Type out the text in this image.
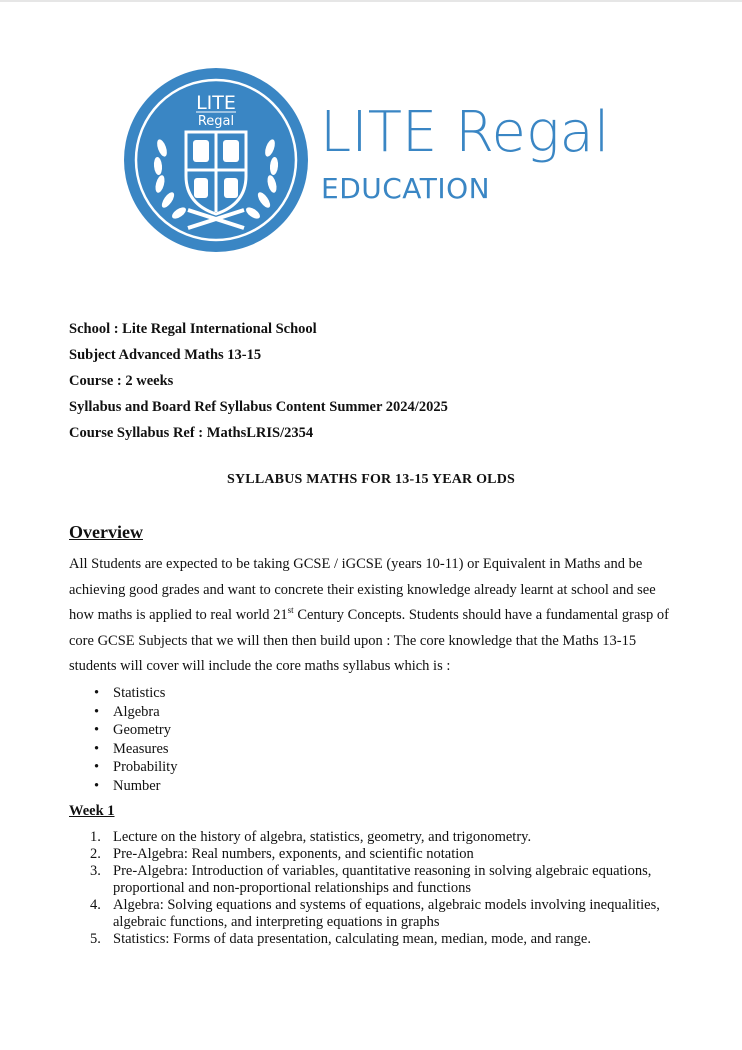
LITE
Regal LITE Regal
EDUCATION
School : Lite Regal International School
Subject Advanced Maths 13-15
Course : 2 weeks
Syllabus and Board Ref Syllabus Content Summer 2024/2025
Course Syllabus Ref : MathsLRIS/2354
SYLLABUS MATHS FOR 13-15 YEAR OLDS
Overview
All Students are expected to be taking GCSE / iGCSE (years 10-11) or Equivalent in Maths and be achieving good grades and want to concrete their existing knowledge already learnt at school and see how maths is applied to real world 21st Century Concepts. Students should have a fundamental grasp of core GCSE Subjects that we will then then build upon : The core knowledge that the Maths 13-15 students will cover will include the core maths syllabus which is :
• Statistics
• Algebra
• Geometry
• Measures
• Probability
• Number
Week 1
1. Lecture on the history of algebra, statistics, geometry, and trigonometry.
2. Pre-Algebra: Real numbers, exponents, and scientific notation
3. Pre-Algebra: Introduction of variables, quantitative reasoning in solving algebraic equations, proportional and non-proportional relationships and functions
4. Algebra: Solving equations and systems of equations, algebraic models involving inequalities, algebraic functions, and interpreting equations in graphs
5. Statistics: Forms of data presentation, calculating mean, median, mode, and range.
